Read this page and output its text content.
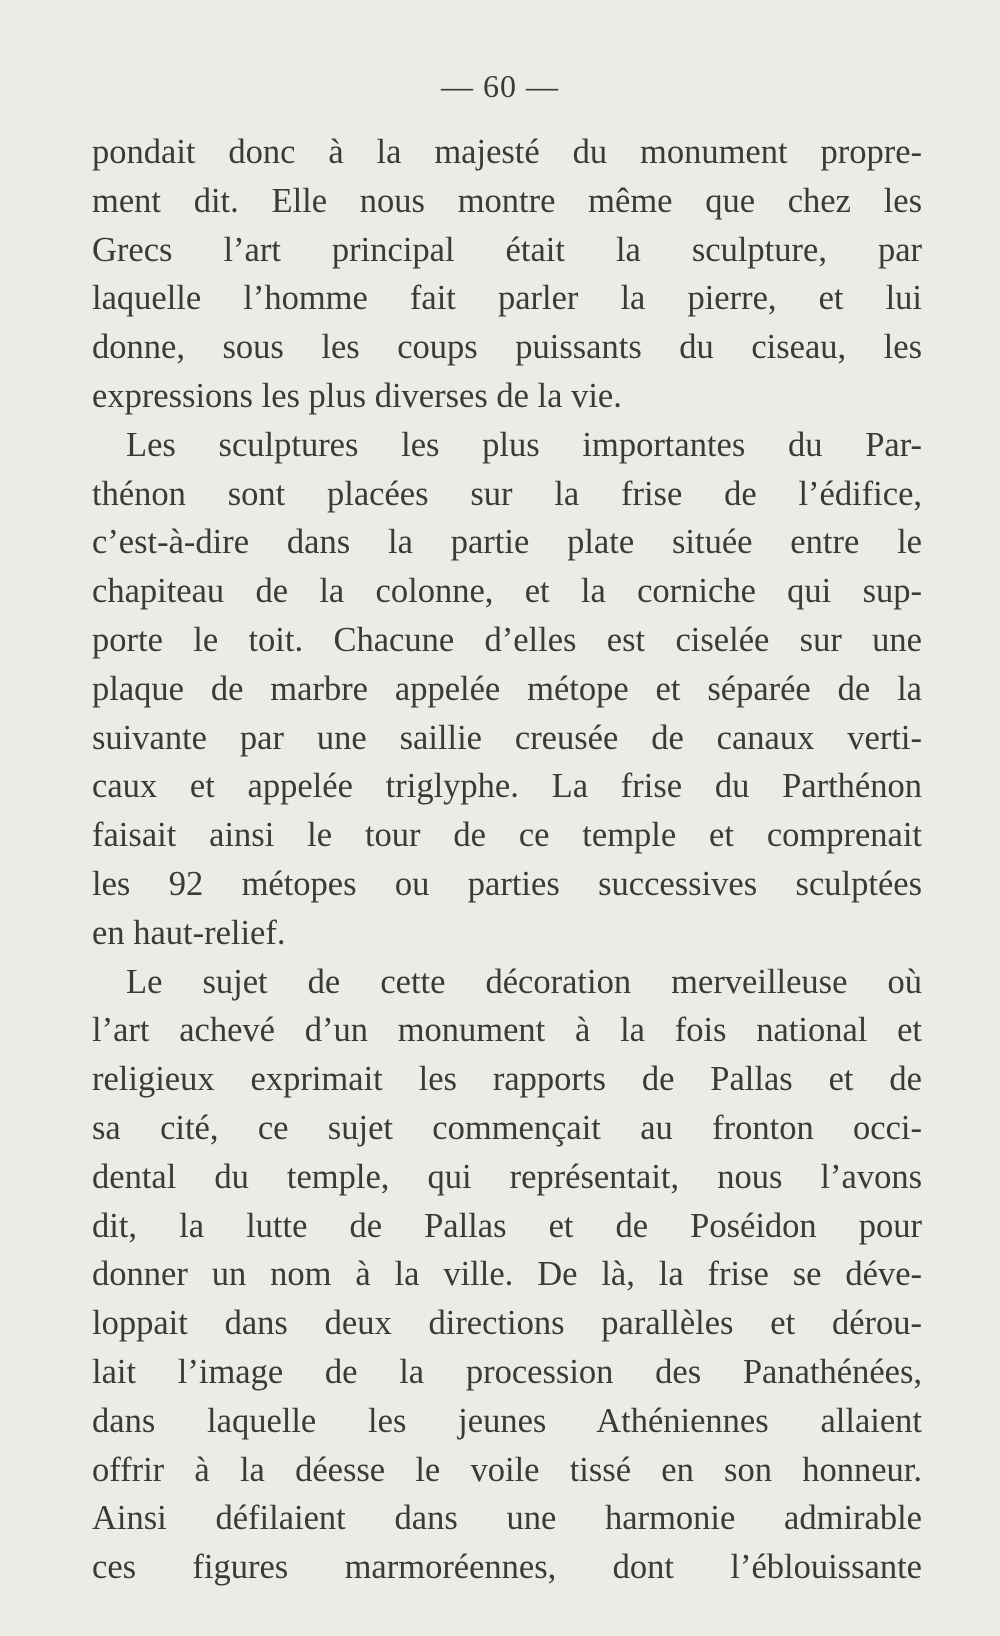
— 60 —
pondait donc à la majesté du monument propre-
ment dit. Elle nous montre même que chez les
Grecs l’art principal était la sculpture, par
laquelle l’homme fait parler la pierre, et lui
donne, sous les coups puissants du ciseau, les
expressions les plus diverses de la vie.
Les sculptures les plus importantes du Par-
thénon sont placées sur la frise de l’édifice,
c’est-à-dire dans la partie plate située entre le
chapiteau de la colonne, et la corniche qui sup-
porte le toit. Chacune d’elles est ciselée sur une
plaque de marbre appelée métope et séparée de la
suivante par une saillie creusée de canaux verti-
caux et appelée triglyphe. La frise du Parthénon
faisait ainsi le tour de ce temple et comprenait
les 92 métopes ou parties successives sculptées
en haut-relief.
Le sujet de cette décoration merveilleuse où
l’art achevé d’un monument à la fois national et
religieux exprimait les rapports de Pallas et de
sa cité, ce sujet commençait au fronton occi-
dental du temple, qui représentait, nous l’avons
dit, la lutte de Pallas et de Poséidon pour
donner un nom à la ville. De là, la frise se déve-
loppait dans deux directions parallèles et dérou-
lait l’image de la procession des Panathénées,
dans laquelle les jeunes Athéniennes allaient
offrir à la déesse le voile tissé en son honneur.
Ainsi défilaient dans une harmonie admirable
ces figures marmoréennes, dont l’éblouissante
